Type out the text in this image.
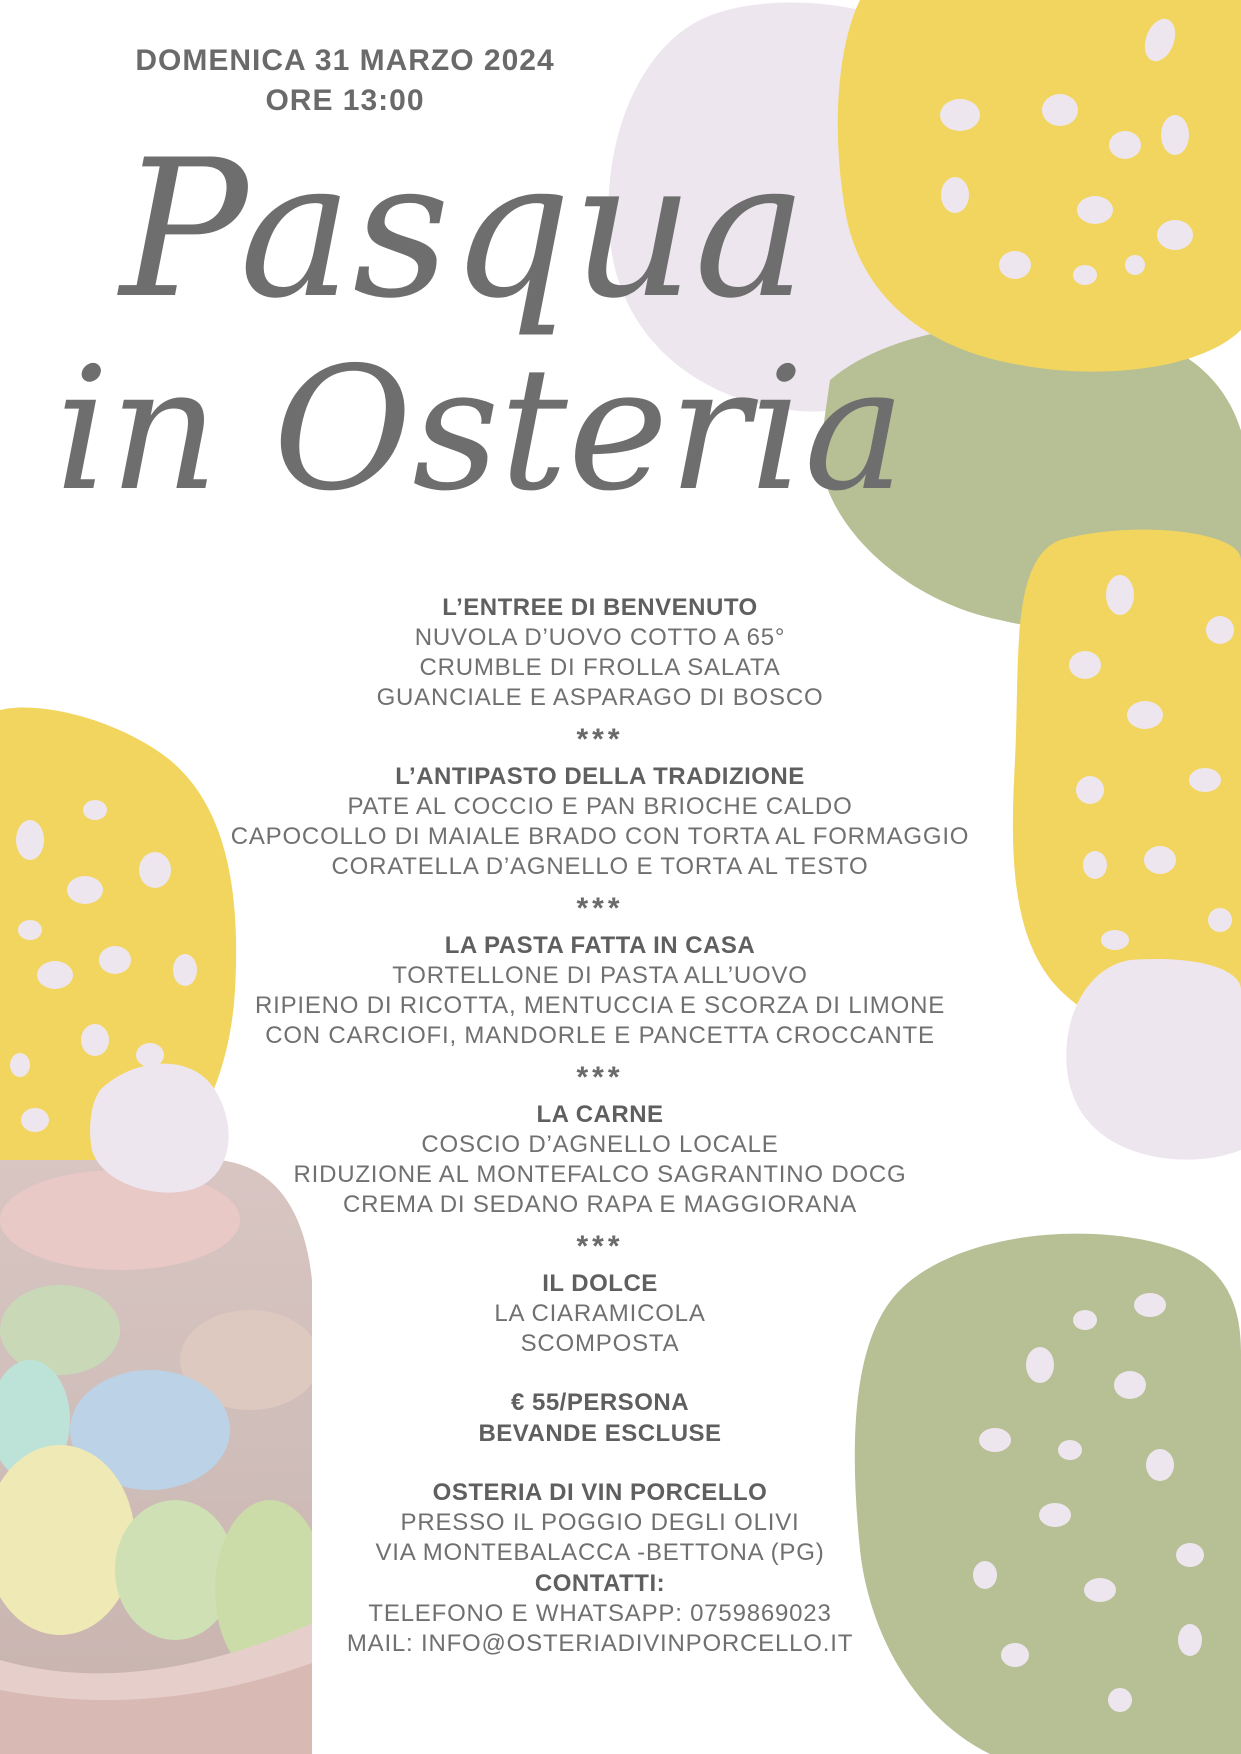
DOMENICA 31 MARZO 2024
ORE 13:00
Pasqua
in Osteria
L’ENTREE DI BENVENUTO
NUVOLA D’UOVO COTTO A 65°
CRUMBLE DI FROLLA SALATA
GUANCIALE E ASPARAGO DI BOSCO
***
L’ANTIPASTO DELLA TRADIZIONE
PATE AL COCCIO E PAN BRIOCHE CALDO
CAPOCOLLO DI MAIALE BRADO CON TORTA AL FORMAGGIO
CORATELLA D’AGNELLO E TORTA AL TESTO
***
LA PASTA FATTA IN CASA
TORTELLONE DI PASTA ALL’UOVO
RIPIENO DI RICOTTA, MENTUCCIA E SCORZA DI LIMONE
CON CARCIOFI, MANDORLE E PANCETTA CROCCANTE
***
LA CARNE
COSCIO D’AGNELLO LOCALE
RIDUZIONE AL MONTEFALCO SAGRANTINO DOCG
CREMA DI SEDANO RAPA E MAGGIORANA
***
IL DOLCE
LA CIARAMICOLA
SCOMPOSTA
€ 55/PERSONA
BEVANDE ESCLUSE
OSTERIA DI VIN PORCELLO
PRESSO IL POGGIO DEGLI OLIVI
VIA MONTEBALACCA -BETTONA (PG)
CONTATTI:
TELEFONO E WHATSAPP: 0759869023
MAIL: INFO@OSTERIADIVINPORCELLO.IT
